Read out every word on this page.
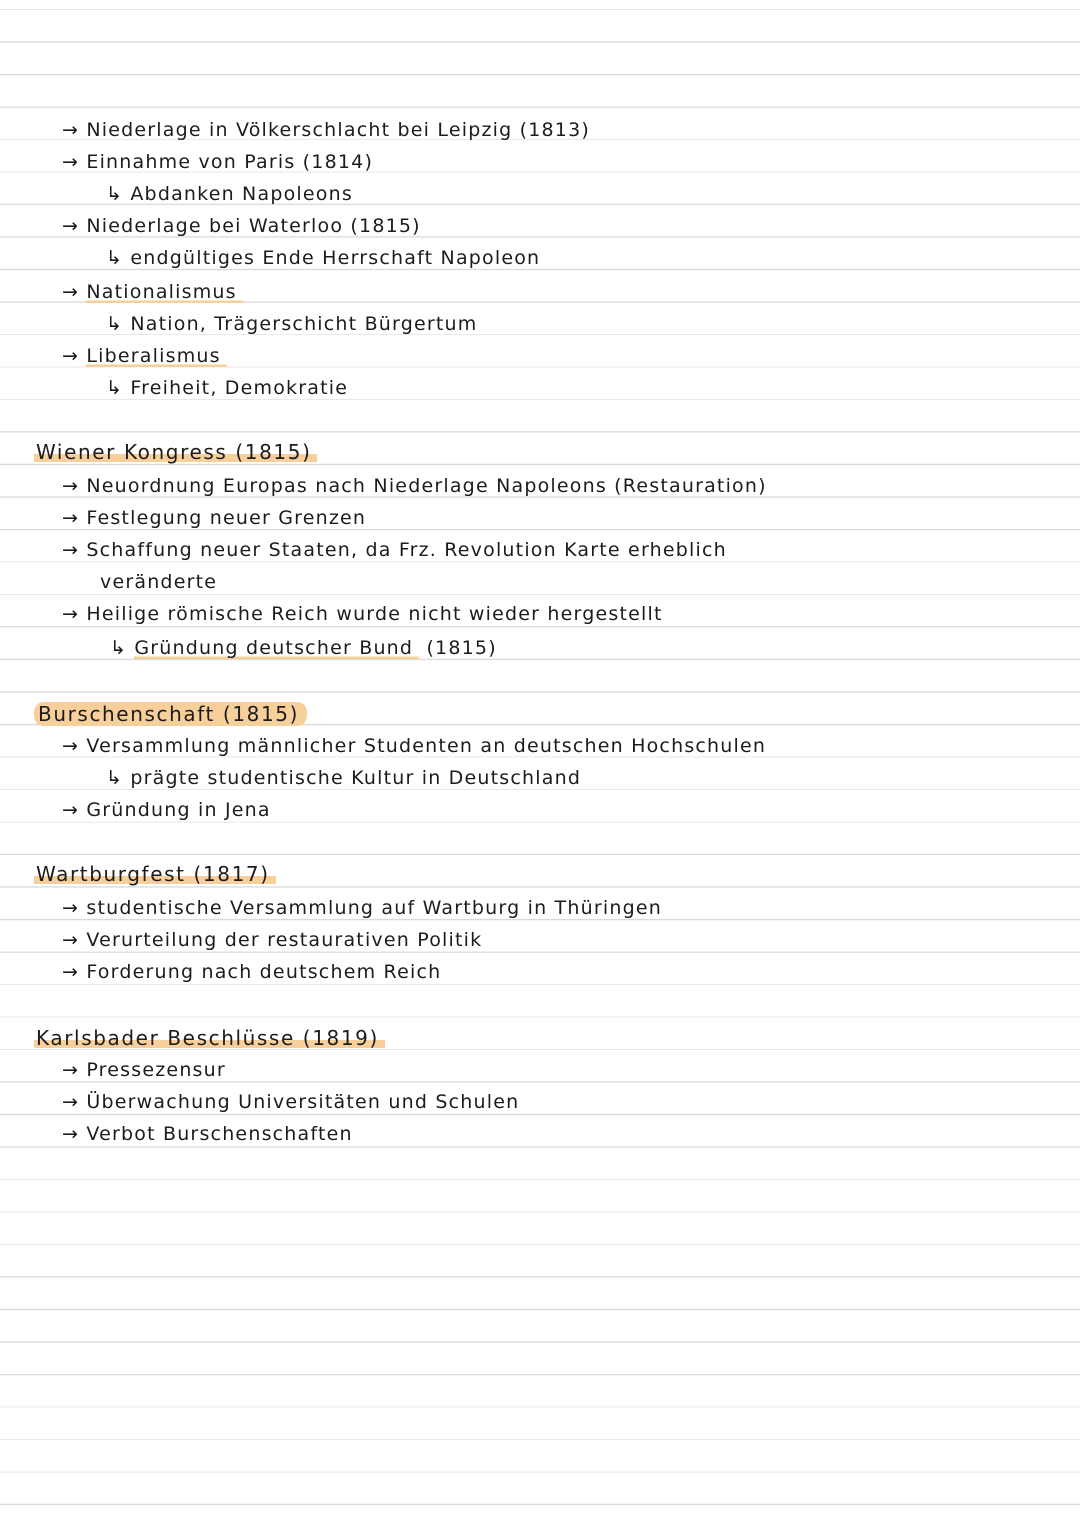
→ Niederlage in Völkerschlacht bei Leipzig (1813)
→ Einnahme von Paris (1814)
↳ Abdanken Napoleons
→ Niederlage bei Waterloo (1815)
↳ endgültiges Ende Herrschaft Napoleon
→ Nationalismus
↳ Nation, Trägerschicht Bürgertum
→ Liberalismus
↳ Freiheit, Demokratie
Wiener Kongress (1815)
→ Neuordnung Europas nach Niederlage Napoleons (Restauration)
→ Festlegung neuer Grenzen
→ Schaffung neuer Staaten, da Frz. Revolution Karte erheblich
veränderte
→ Heilige römische Reich wurde nicht wieder hergestellt
↳ Gründung deutscher Bund (1815)
Burschenschaft (1815)
→ Versammlung männlicher Studenten an deutschen Hochschulen
↳ prägte studentische Kultur in Deutschland
→ Gründung in Jena
Wartburgfest (1817)
→ studentische Versammlung auf Wartburg in Thüringen
→ Verurteilung der restaurativen Politik
→ Forderung nach deutschem Reich
Karlsbader Beschlüsse (1819)
→ Pressezensur
→ Überwachung Universitäten und Schulen
→ Verbot Burschenschaften
